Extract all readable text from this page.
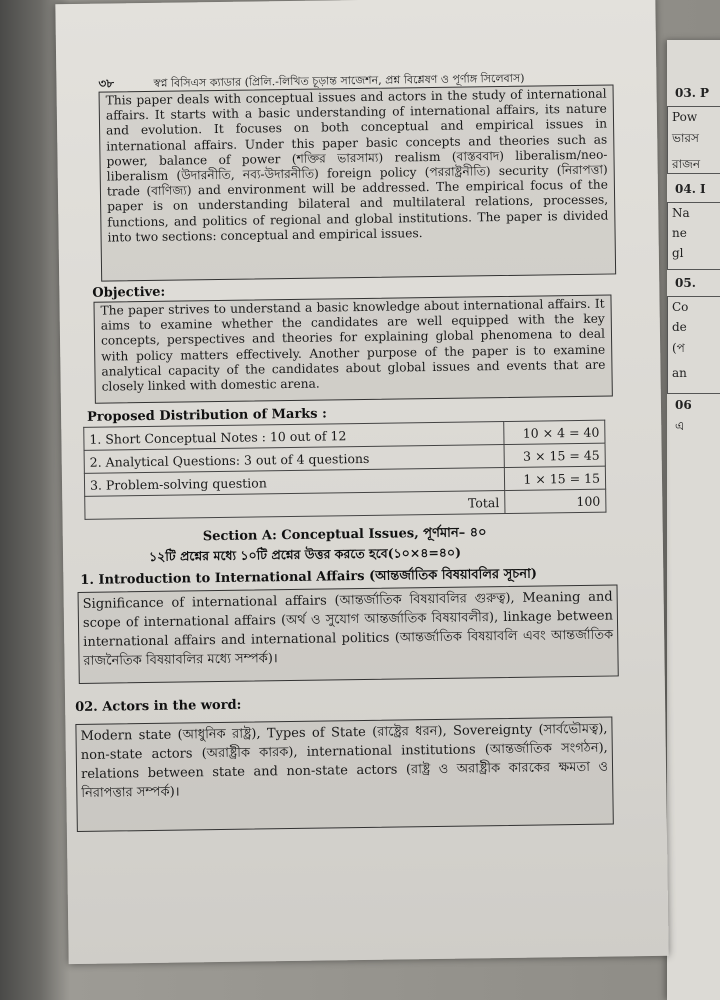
03. P
Pow
ভারস
রাজন
04. I
Na
ne
gl
05.
Co
de
(প
an
06
এ
৩৮	স্বপ্ন বিসিএস ক্যাডার (প্রিলি.-লিখিত চূড়ান্ত সাজেশন, প্রশ্ন বিশ্লেষণ ও পূর্ণাঙ্গ সিলেবাস)
This paper deals with conceptual issues and actors in the study of international affairs. It starts with a basic understanding of international affairs, its nature and evolution. It focuses on both conceptual and empirical issues in international affairs. Under this paper basic concepts and theories such as power, balance of power (শক্তির ভারসাম্য) realism (বাস্তববাদ) liberalism/neo-liberalism (উদারনীতি, নব্য-উদারনীতি) foreign policy (পররাষ্ট্রনীতি) security (নিরাপত্তা) trade (বাণিজ্য) and environment will be addressed. The empirical focus of the paper is on understanding bilateral and multilateral relations, processes, functions, and politics of regional and global institutions. The paper is divided into two sections: conceptual and empirical issues.
Objective:
The paper strives to understand a basic knowledge about international affairs. It aims to examine whether the candidates are well equipped with the key concepts, perspectives and theories for explaining global phenomena to deal with policy matters effectively. Another purpose of the paper is to examine analytical capacity of the candidates about global issues and events that are closely linked with domestic arena.
Proposed Distribution of Marks :
1. Short Conceptual Notes : 10 out of 12	10 × 4 = 40
2. Analytical Questions: 3 out of 4 questions	3 × 15 = 45
3. Problem-solving question	1 × 15 = 15
Total	100
Section A: Conceptual Issues, পূর্ণমান– ৪০
১২টি প্রশ্নের মধ্যে ১০টি প্রশ্নের উত্তর করতে হবে(১০×৪=৪০)
1. Introduction to International Affairs (আন্তর্জাতিক বিষয়াবলির সূচনা)
Significance of international affairs (আন্তর্জাতিক বিষয়াবলির গুরুত্ব), Meaning and scope of international affairs (অর্থ ও সুযোগ আন্তর্জাতিক বিষয়াবলীর), linkage between international affairs and international politics (আন্তর্জাতিক বিষয়াবলি এবং আন্তর্জাতিক রাজনৈতিক বিষয়াবলির মধ্যে সম্পর্ক)।
02. Actors in the word:
Modern state (আধুনিক রাষ্ট্র), Types of State (রাষ্ট্রের ধরন), Sovereignty (সার্বভৌমত্ব), non-state actors (অরাষ্ট্রীক কারক), international institutions (আন্তর্জাতিক সংগঠন), relations between state and non-state actors (রাষ্ট্র ও অরাষ্ট্রীক কারকের ক্ষমতা ও নিরাপত্তার সম্পর্ক)।
